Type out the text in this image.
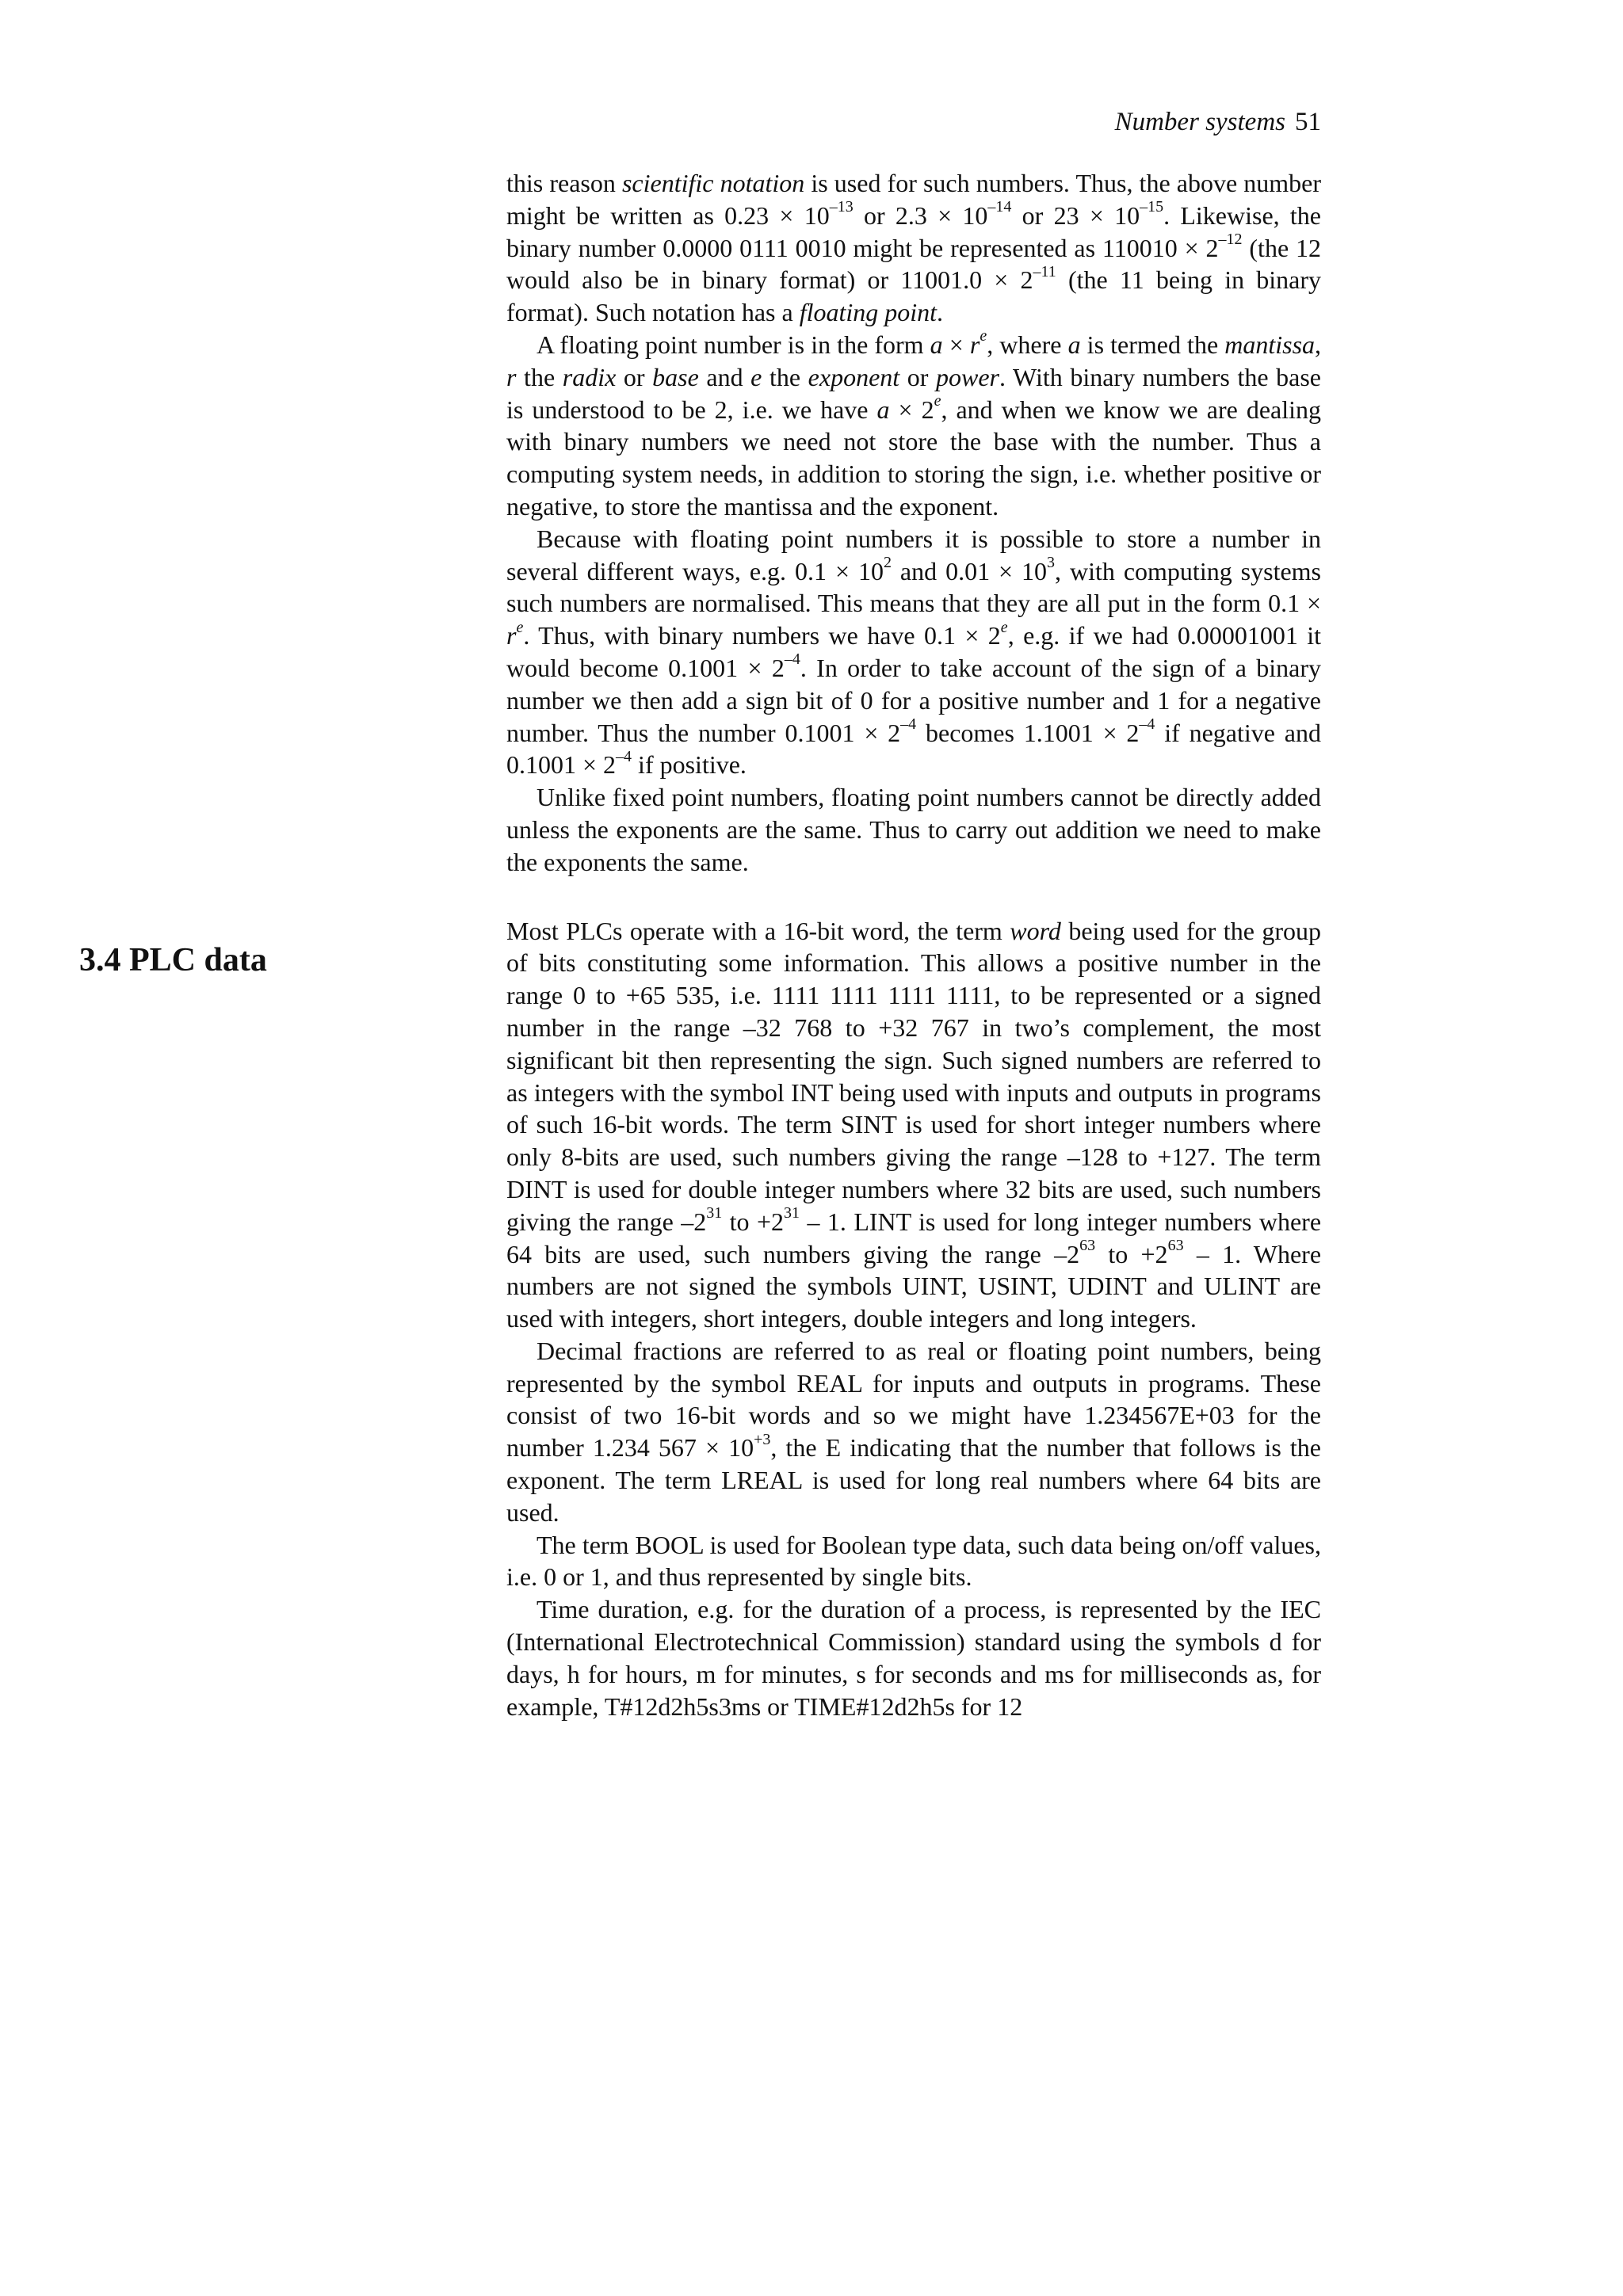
Number systems 51
3.4 PLC data

this reason scientific notation is used for such numbers. Thus, the above number might be written as $0.23 \times 10^{-13}$ or $2.3 \times 10^{-14}$ or $23 \times 10^{-15}$. Likewise, the binary number 0.0000 0111 0010 might be represented as $110010 \times 2^{-12}$ (the 12 would also be in binary format) or $11001.0 \times 2^{-11}$ (the 11 being in binary format). Such notation has a floating point.

A floating point number is in the form $a \times r^e$, where a is termed the mantissa, r the radix or base and e the exponent or power. With binary numbers the base is understood to be 2, i.e. we have $a \times 2^e$, and when we know we are dealing with binary numbers we need not store the base with the number. Thus a computing system needs, in addition to storing the sign, i.e. whether positive or negative, to store the mantissa and the exponent.

Because with floating point numbers it is possible to store a number in several different ways, e.g. $0.1 \times 10^2$ and $0.01 \times 10^3$, with computing systems such numbers are normalised. This means that they are all put in the form $0.1 \times r^e$. Thus, with binary numbers we have $0.1 \times 2^e$, e.g. if we had 0.00001001 it would become $0.1001 \times 2^{-4}$. In order to take account of the sign of a binary number we then add a sign bit of 0 for a positive number and 1 for a negative number. Thus the number $0.1001 \times 2^{-4}$ becomes $1.1001 \times 2^{-4}$ if negative and $0.1001 \times 2^{-4}$ if positive.

Unlike fixed point numbers, floating point numbers cannot be directly added unless the exponents are the same. Thus to carry out addition we need to make the exponents the same.

Most PLCs operate with a 16-bit word, the term word being used for the group of bits constituting some information. This allows a positive number in the range 0 to +65 535, i.e. 1111 1111 1111 1111, to be represented or a signed number in the range –32 768 to +32 767 in two’s complement, the most significant bit then representing the sign. Such signed numbers are referred to as integers with the symbol INT being used with inputs and outputs in programs of such 16-bit words. The term SINT is used for short integer numbers where only 8-bits are used, such numbers giving the range –128 to +127. The term DINT is used for double integer numbers where 32 bits are used, such numbers giving the range $-2^{31}$ to $+2^{31} - 1$. LINT is used for long integer numbers where 64 bits are used, such numbers giving the range $-2^{63}$ to $+2^{63} - 1$. Where numbers are not signed the symbols UINT, USINT, UDINT and ULINT are used with integers, short integers, double integers and long integers.

Decimal fractions are referred to as real or floating point numbers, being represented by the symbol REAL for inputs and outputs in programs. These consist of two 16-bit words and so we might have 1.234567E+03 for the number 1.234 $567 \times 10^{+3}$, the E indicating that the number that follows is the exponent. The term LREAL is used for long real numbers where 64 bits are used.

The term BOOL is used for Boolean type data, such data being on/off values, i.e. 0 or 1, and thus represented by single bits.

Time duration, e.g. for the duration of a process, is represented by the IEC (International Electrotechnical Commission) standard using the symbols d for days, h for hours, m for minutes, s for seconds and ms for milliseconds as, for example, T#12d2h5s3ms or TIME#12d2h5s for 12
